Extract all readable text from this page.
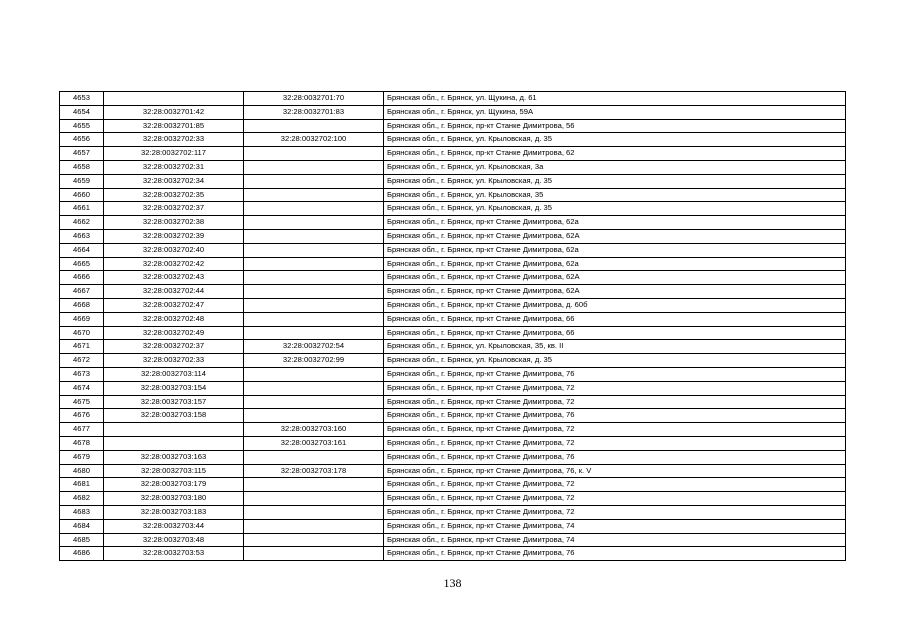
4653		32:28:0032701:70	Брянская обл., г. Брянск, ул. Щукина, д. 61
4654	32:28:0032701:42	32:28:0032701:83	Брянская обл., г. Брянск, ул. Щукина, 59А
4655	32:28:0032701:85		Брянская обл., г. Брянск, пр-кт Станке Димитрова, 56
4656	32:28:0032702:33	32:28:0032702:100	Брянская обл., г. Брянск, ул. Крыловская, д. 35
4657	32:28:0032702:117		Брянская обл., г. Брянск, пр-кт Станке Димитрова, 62
4658	32:28:0032702:31		Брянская обл., г. Брянск, ул. Крыловская, 3а
4659	32:28:0032702:34		Брянская обл., г. Брянск, ул. Крыловская, д. 35
4660	32:28:0032702:35		Брянская обл., г. Брянск, ул. Крыловская, 35
4661	32:28:0032702:37		Брянская обл., г. Брянск, ул. Крыловская, д. 35
4662	32:28:0032702:38		Брянская обл., г. Брянск, пр-кт Станке Димитрова, 62а
4663	32:28:0032702:39		Брянская обл., г. Брянск, пр-кт Станке Димитрова, 62А
4664	32:28:0032702:40		Брянская обл., г. Брянск, пр-кт Станке Димитрова, 62а
4665	32:28:0032702:42		Брянская обл., г. Брянск, пр-кт Станке Димитрова, 62а
4666	32:28:0032702:43		Брянская обл., г. Брянск, пр-кт Станке Димитрова, 62А
4667	32:28:0032702:44		Брянская обл., г. Брянск, пр-кт Станке Димитрова, 62А
4668	32:28:0032702:47		Брянская обл., г. Брянск, пр-кт Станке Димитрова, д. 60б
4669	32:28:0032702:48		Брянская обл., г. Брянск, пр-кт Станке Димитрова, 66
4670	32:28:0032702:49		Брянская обл., г. Брянск, пр-кт Станке Димитрова, 66
4671	32:28:0032702:37	32:28:0032702:54	Брянская обл., г. Брянск, ул. Крыловская, 35, кв. II
4672	32:28:0032702:33	32:28:0032702:99	Брянская обл., г. Брянск, ул. Крыловская, д. 35
4673	32:28:0032703:114		Брянская обл., г. Брянск, пр-кт Станке Димитрова, 76
4674	32:28:0032703:154		Брянская обл., г. Брянск, пр-кт Станке Димитрова, 72
4675	32:28:0032703:157		Брянская обл., г. Брянск, пр-кт Станке Димитрова, 72
4676	32:28:0032703:158		Брянская обл., г. Брянск, пр-кт Станке Димитрова, 76
4677		32:28:0032703:160	Брянская обл., г. Брянск, пр-кт Станке Димитрова, 72
4678		32:28:0032703:161	Брянская обл., г. Брянск, пр-кт Станке Димитрова, 72
4679	32:28:0032703:163		Брянская обл., г. Брянск, пр-кт Станке Димитрова, 76
4680	32:28:0032703:115	32:28:0032703:178	Брянская обл., г. Брянск, пр-кт Станке Димитрова, 76, к. V
4681	32:28:0032703:179		Брянская обл., г. Брянск, пр-кт Станке Димитрова, 72
4682	32:28:0032703:180		Брянская обл., г. Брянск, пр-кт Станке Димитрова, 72
4683	32:28:0032703:183		Брянская обл., г. Брянск, пр-кт Станке Димитрова, 72
4684	32:28:0032703:44		Брянская обл., г. Брянск, пр-кт Станке Димитрова, 74
4685	32:28:0032703:48		Брянская обл., г. Брянск, пр-кт Станке Димитрова, 74
4686	32:28:0032703:53		Брянская обл., г. Брянск, пр-кт Станке Димитрова, 76
138
